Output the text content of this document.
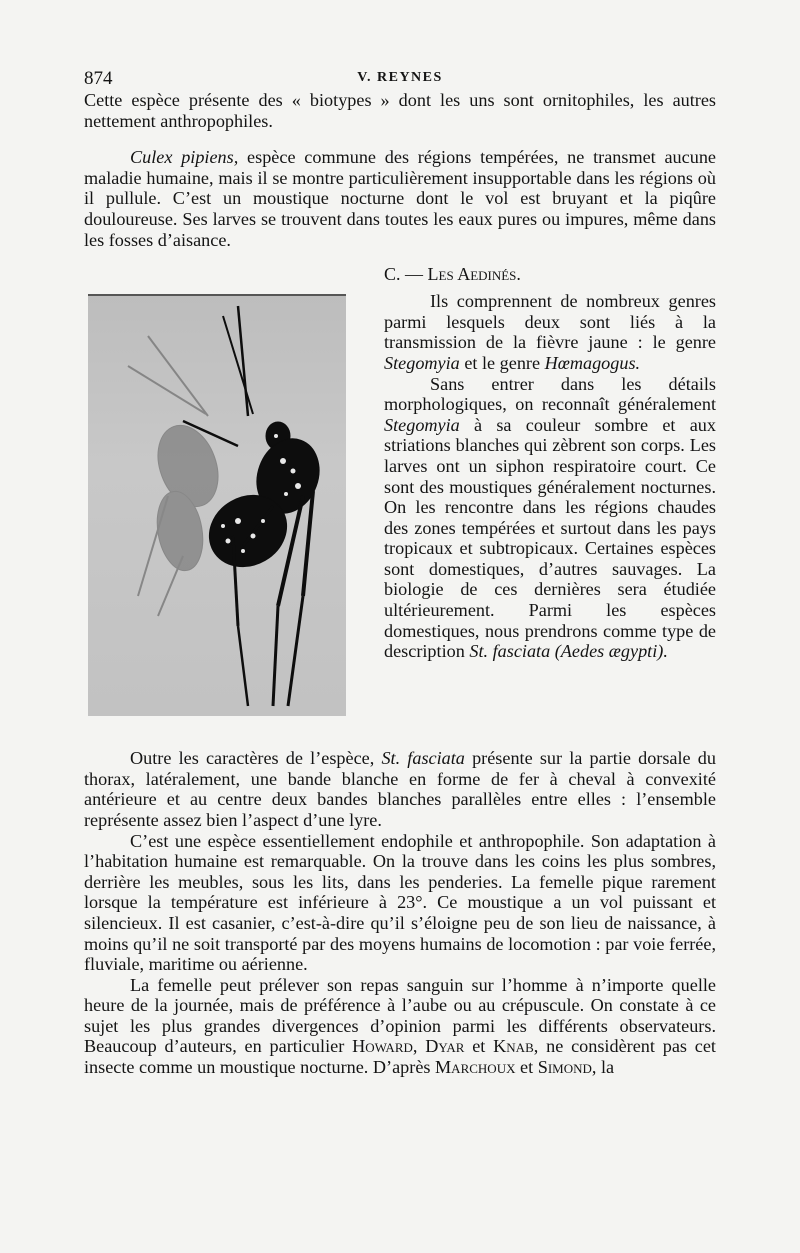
874	V. REYNES

Cette espèce présente des « biotypes » dont les uns sont ornitophiles, les autres nettement anthropophiles.

Culex pipiens, espèce commune des régions tempérées, ne transmet aucune maladie humaine, mais il se montre particulièrement insupportable dans les régions où il pullule. C’est un moustique nocturne dont le vol est bruyant et la piqûre douloureuse. Ses larves se trouvent dans toutes les eaux pures ou impures, même dans les fosses d’aisance.

C. — Les Aedinés.

Ils comprennent de nombreux genres parmi lesquels deux sont liés à la transmission de la fièvre jaune : le genre Stegomyia et le genre Hœmagogus.

Sans entrer dans les détails morphologiques, on reconnaît généralement Stegomyia à sa couleur sombre et aux striations blanches qui zèbrent son corps. Les larves ont un siphon respiratoire court. Ce sont des moustiques généralement nocturnes. On les rencontre dans les régions chaudes des zones tempérées et surtout dans les pays tropicaux et subtropicaux. Certaines espèces sont domestiques, d’autres sauvages. La biologie de ces dernières sera étudiée ultérieurement. Parmi les espèces domestiques, nous prendrons comme type de description St. fasciata (Aedes ægypti).

Outre les caractères de l’espèce, St. fasciata présente sur la partie dorsale du thorax, latéralement, une bande blanche en forme de fer à cheval à convexité antérieure et au centre deux bandes blanches parallèles entre elles : l’ensemble représente assez bien l’aspect d’une lyre.

C’est une espèce essentiellement endophile et anthropophile. Son adaptation à l’habitation humaine est remarquable. On la trouve dans les coins les plus sombres, derrière les meubles, sous les lits, dans les penderies. La femelle pique rarement lorsque la température est inférieure à 23°. Ce moustique a un vol puissant et silencieux. Il est casanier, c’est-à-dire qu’il s’éloigne peu de son lieu de naissance, à moins qu’il ne soit transporté par des moyens humains de locomotion : par voie ferrée, fluviale, maritime ou aérienne.

La femelle peut prélever son repas sanguin sur l’homme à n’importe quelle heure de la journée, mais de préférence à l’aube ou au crépuscule. On constate à ce sujet les plus grandes divergences d’opinion parmi les différents observateurs. Beaucoup d’auteurs, en particulier Howard, Dyar et Knab, ne considèrent pas cet insecte comme un moustique nocturne. D’après Marchoux et Simond, la
